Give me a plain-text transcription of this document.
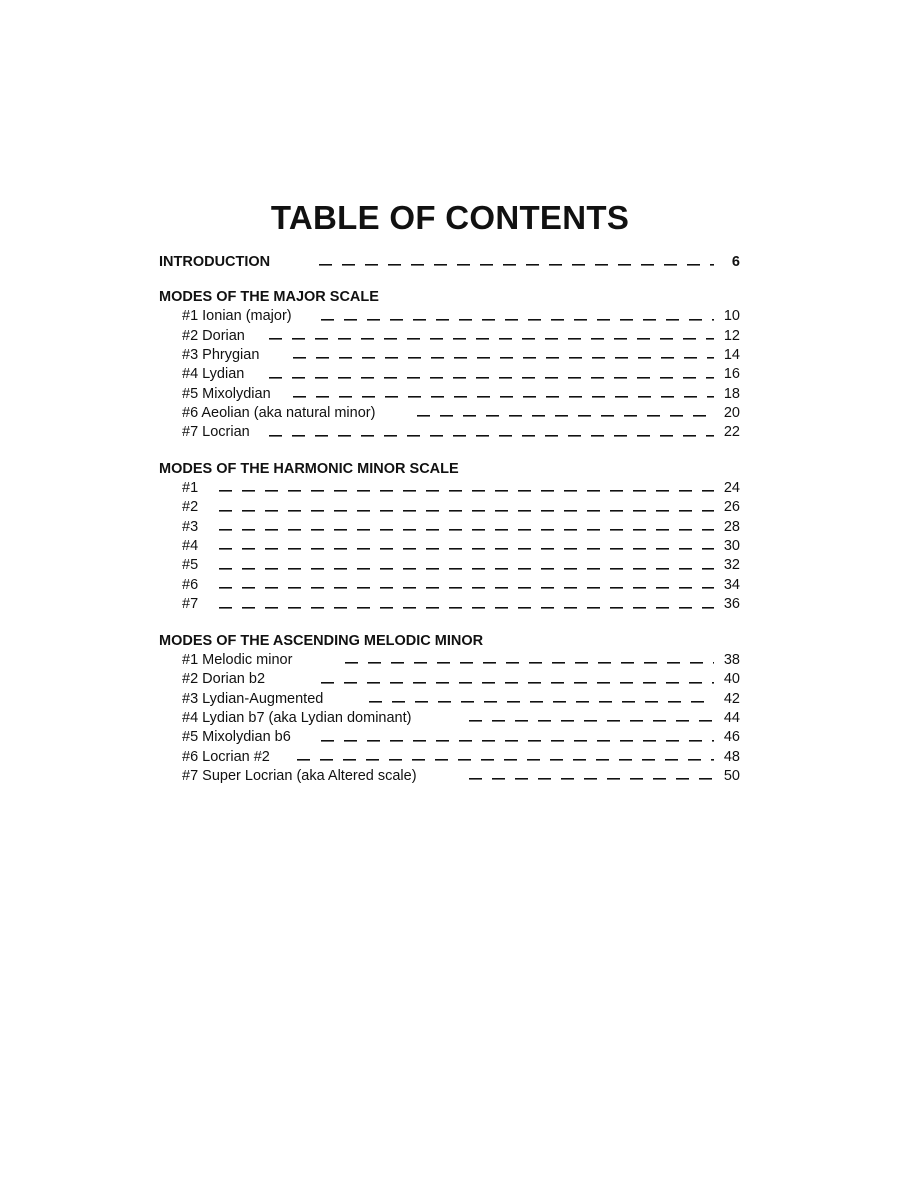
TABLE OF CONTENTS
INTRODUCTION	6
MODES OF THE MAJOR SCALE
#1 Ionian (major)	10
#2 Dorian	12
#3 Phrygian	14
#4 Lydian	16
#5 Mixolydian	18
#6 Aeolian (aka natural minor)	20
#7 Locrian	22
MODES OF THE HARMONIC MINOR SCALE
#1	24
#2	26
#3	28
#4	30
#5	32
#6	34
#7	36
MODES OF THE ASCENDING MELODIC MINOR
#1 Melodic minor	38
#2 Dorian b2	40
#3 Lydian-Augmented	42
#4 Lydian b7 (aka Lydian dominant)	44
#5 Mixolydian b6	46
#6 Locrian #2	48
#7 Super Locrian (aka Altered scale)	50
